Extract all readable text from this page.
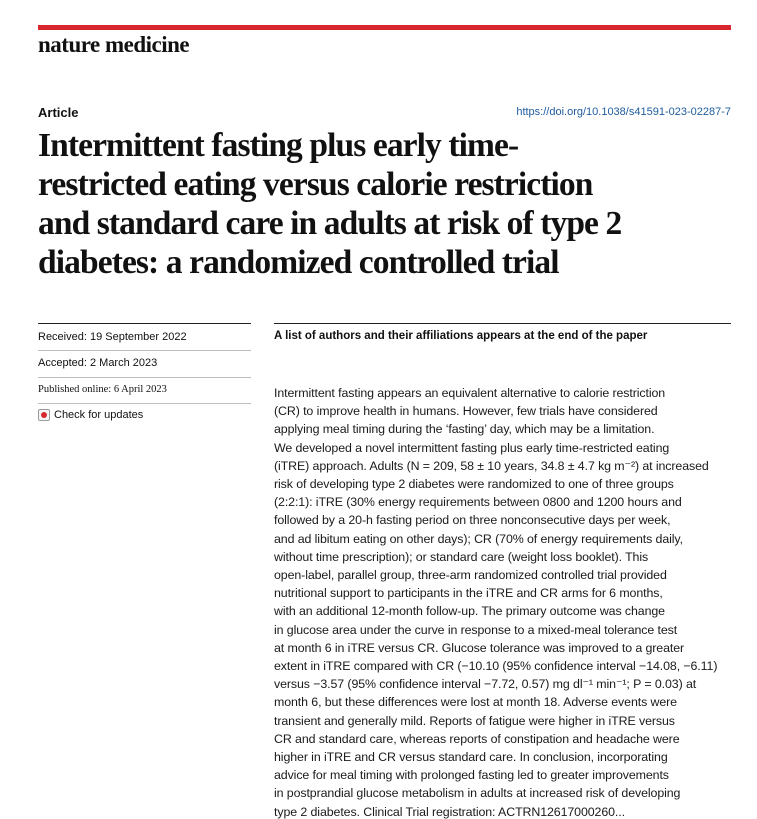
nature medicine
Article	https://doi.org/10.1038/s41591-023-02287-7
Intermittent fasting plus early time-
restricted eating versus calorie restriction
and standard care in adults at risk of type 2
diabetes: a randomized controlled trial
Received: 19 September 2022
Accepted: 2 March 2023
Published online: 6 April 2023
Check for updates
A list of authors and their affiliations appears at the end of the paper
Intermittent fasting appears an equivalent alternative to calorie restriction
(CR) to improve health in humans. However, few trials have considered
applying meal timing during the ‘fasting’ day, which may be a limitation.
We developed a novel intermittent fasting plus early time-restricted eating
(iTRE) approach. Adults (N = 209, 58 ± 10 years, 34.8 ± 4.7 kg m⁻²) at increased
risk of developing type 2 diabetes were randomized to one of three groups
(2:2:1): iTRE (30% energy requirements between 0800 and 1200 hours and
followed by a 20-h fasting period on three nonconsecutive days per week,
and ad libitum eating on other days); CR (70% of energy requirements daily,
without time prescription); or standard care (weight loss booklet). This
open-label, parallel group, three-arm randomized controlled trial provided
nutritional support to participants in the iTRE and CR arms for 6 months,
with an additional 12-month follow-up. The primary outcome was change
in glucose area under the curve in response to a mixed-meal tolerance test
at month 6 in iTRE versus CR. Glucose tolerance was improved to a greater
extent in iTRE compared with CR (−10.10 (95% confidence interval −14.08, −6.11)
versus −3.57 (95% confidence interval −7.72, 0.57) mg dl⁻¹ min⁻¹; P = 0.03) at
month 6, but these differences were lost at month 18. Adverse events were
transient and generally mild. Reports of fatigue were higher in iTRE versus
CR and standard care, whereas reports of constipation and headache were
higher in iTRE and CR versus standard care. In conclusion, incorporating
advice for meal timing with prolonged fasting led to greater improvements
in postprandial glucose metabolism in adults at increased risk of developing
type 2 diabetes. Clinical Trial registration: ACTRN12617000260...
